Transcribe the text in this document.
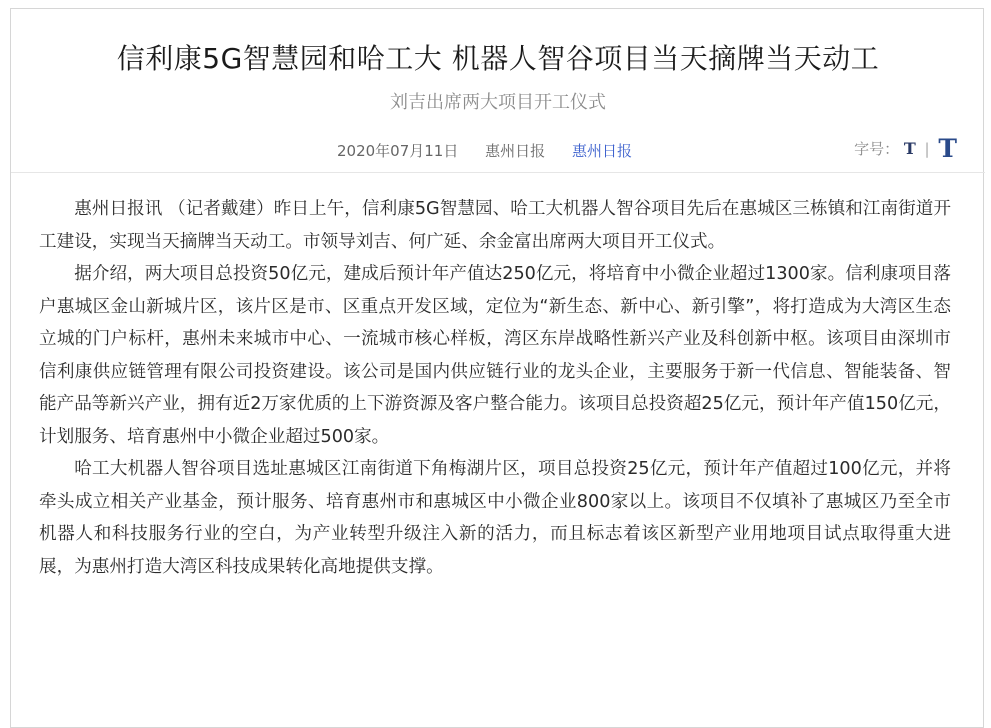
信利康5G智慧园和哈工大 机器人智谷项目当天摘牌当天动工
刘吉出席两大项目开工仪式
2020年07月11日 惠州日报 惠州日报	字号： T | T

惠州日报讯 （记者戴建）昨日上午，信利康5G智慧园、哈工大机器人智谷项目先后在惠城区三栋镇和江南街道开工建设，实现当天摘牌当天动工。市领导刘吉、何广延、余金富出席两大项目开工仪式。

据介绍，两大项目总投资50亿元，建成后预计年产值达250亿元，将培育中小微企业超过1300家。信利康项目落户惠城区金山新城片区，该片区是市、区重点开发区域，定位为“新生态、新中心、新引擎”，将打造成为大湾区生态立城的门户标杆，惠州未来城市中心、一流城市核心样板，湾区东岸战略性新兴产业及科创新中枢。该项目由深圳市信利康供应链管理有限公司投资建设。该公司是国内供应链行业的龙头企业，主要服务于新一代信息、智能装备、智能产品等新兴产业，拥有近2万家优质的上下游资源及客户整合能力。该项目总投资超25亿元，预计年产值150亿元，计划服务、培育惠州中小微企业超过500家。

哈工大机器人智谷项目选址惠城区江南街道下角梅湖片区，项目总投资25亿元，预计年产值超过100亿元，并将牵头成立相关产业基金，预计服务、培育惠州市和惠城区中小微企业800家以上。该项目不仅填补了惠城区乃至全市机器人和科技服务行业的空白，为产业转型升级注入新的活力，而且标志着该区新型产业用地项目试点取得重大进展，为惠州打造大湾区科技成果转化高地提供支撑。
